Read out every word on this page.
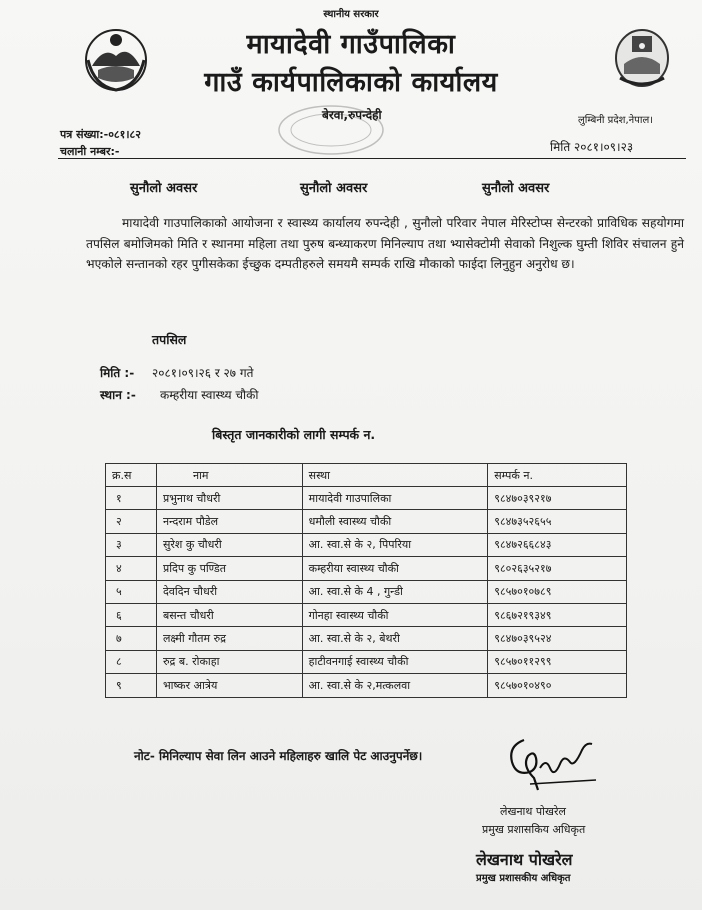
स्थानीय सरकार
मायादेवी गाउँपालिका
गाउँ कार्यपालिकाको कार्यालय
बेरवा,रुपन्देही	लुम्बिनी प्रदेश,नेपाल।
पत्र संख्या:-०८१।८२
चलानी नम्बर:-	मिति २०८१।०९।२३
सुनौलो अवसर	सुनौलो अवसर	सुनौलो अवसर
मायादेवी गाउपालिकाको आयोजना र स्वास्थ्य कार्यालय रुपन्देही , सुनौलो परिवार नेपाल मेरिस्टोप्स सेन्टरको प्राविधिक सहयोगमा तपसिल बमोजिमको मिति र स्थानमा महिला तथा पुरुष बन्ध्याकरण मिनिल्याप तथा भ्यासेक्टोमी सेवाको निशुल्क घुम्ती शिविर संचालन हुने भएकोले सन्तानको रहर पुगीसकेका ईच्छुक दम्पतीहरुले समयमै सम्पर्क राखि मौकाको फाईदा लिनुहुन अनुरोध छ।
तपसिल
मिति :- २०८१।०९।२६ र २७ गते
स्थान :- कम्हरीया स्वास्थ्य चौकी
बिस्तृत जानकारीको लागी सम्पर्क न.
क्र.स	नाम	सस्था	सम्पर्क न.
१	प्रभुनाथ चौधरी	मायादेवी गाउपालिका	९८४७०३९२१७
२	नन्दराम पौडेल	धमौली स्वास्थ्य चौकी	९८४७३५२६५५
३	सुरेश कु चौधरी	आ. स्वा.से के २, पिपरिया	९८४७२६६८४३
४	प्रदिप कु पण्डित	कम्हरीया स्वास्थ्य चौकी	९८०२६३५२१७
५	देवदिन चौधरी	आ. स्वा.से के 4 , गुन्डी	९८५७०१०७८९
६	बसन्त चौधरी	गोनहा स्वास्थ्य चौकी	९८६७२१९३४९
७	लक्ष्मी गौतम रुद्र	आ. स्वा.से के २, बेथरी	९८४७०३९५२४
८	रुद्र ब. रोकाहा	हाटीवनगाई स्वास्थ्य चौकी	९८५७०११२९९
९	भाष्कर आत्रेय	आ. स्वा.से के २,मत्कलवा	९८५७०१०४९०
नोट- मिनिल्याप सेवा लिन आउने महिलाहरु खालि पेट आउनुपर्नेछ।
लेखनाथ पोखरेल
प्रमुख प्रशासकिय अधिकृत
लेखनाथ पोखरेल
प्रमुख प्रशासकीय अधिकृत
